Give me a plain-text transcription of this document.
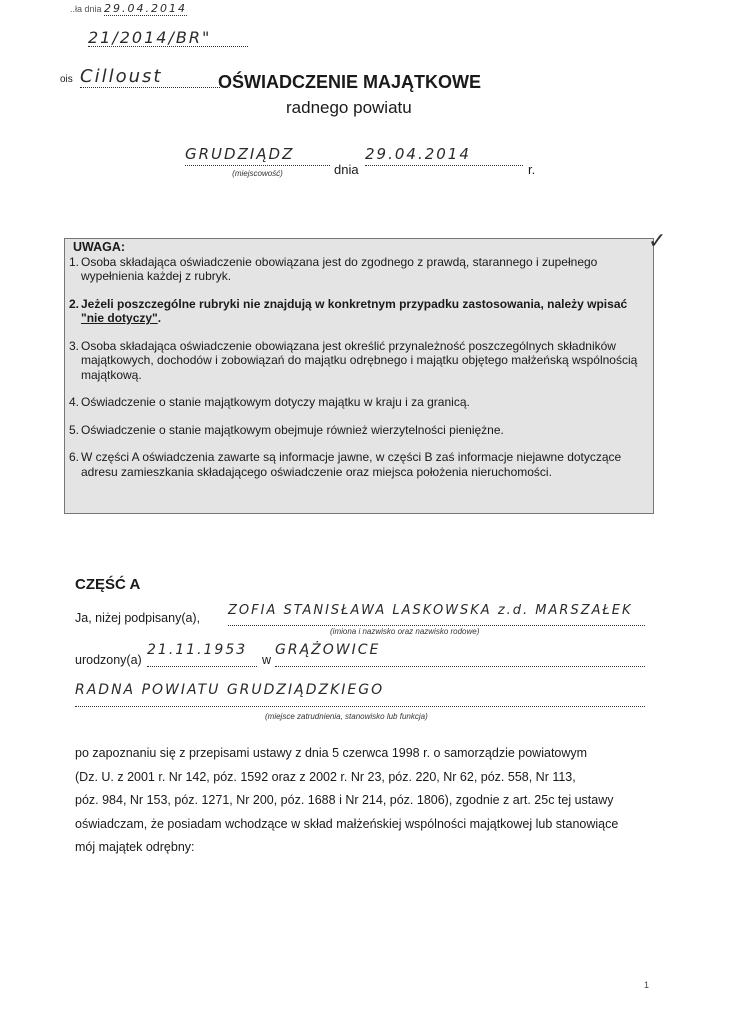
..ła dnia 29.04.2014
21/2014/BR"
ois Cilloust	OŚWIADCZENIE MAJĄTKOWE
radnego powiatu
GRUDZIĄDZ
(miejscowość)	dnia
29.04.2014
r.
UWAGA:
1. Osoba składająca oświadczenie obowiązana jest do zgodnego z prawdą, starannego i zupełnego wypełnienia każdej z rubryk.
2. Jeżeli poszczególne rubryki nie znajdują w konkretnym przypadku zastosowania, należy wpisać "nie dotyczy".
3. Osoba składająca oświadczenie obowiązana jest określić przynależność poszczególnych składników majątkowych, dochodów i zobowiązań do majątku odrębnego i majątku objętego małżeńską wspólnością majątkową.
4. Oświadczenie o stanie majątkowym dotyczy majątku w kraju i za granicą.
5. Oświadczenie o stanie majątkowym obejmuje również wierzytelności pieniężne.
6. W części A oświadczenia zawarte są informacje jawne, w części B zaś informacje niejawne dotyczące adresu zamieszkania składającego oświadczenie oraz miejsca położenia nieruchomości.
✓
CZĘŚĆ A
Ja, niżej podpisany(a), ZOFIA STANISŁAWA LASKOWSKA z.d. MARSZAŁEK
(imiona i nazwisko oraz nazwisko rodowe)
urodzony(a)
21.11.1953
w
GRĄŻOWICE
RADNA POWIATU GRUDZIĄDZKIEGO
(miejsce zatrudnienia, stanowisko lub funkcja)

po zapoznaniu się z przepisami ustawy z dnia 5 czerwca 1998 r. o samorządzie powiatowym

(Dz. U. z 2001 r. Nr 142, póz. 1592 oraz z 2002 r. Nr 23, póz. 220, Nr 62, póz. 558, Nr 113,

póz. 984, Nr 153, póz. 1271, Nr 200, póz. 1688 i Nr 214, póz. 1806), zgodnie z art. 25c tej ustawy

oświadczam, że posiadam wchodzące w skład małżeńskiej wspólności majątkowej lub stanowiące

mój majątek odrębny:

1
